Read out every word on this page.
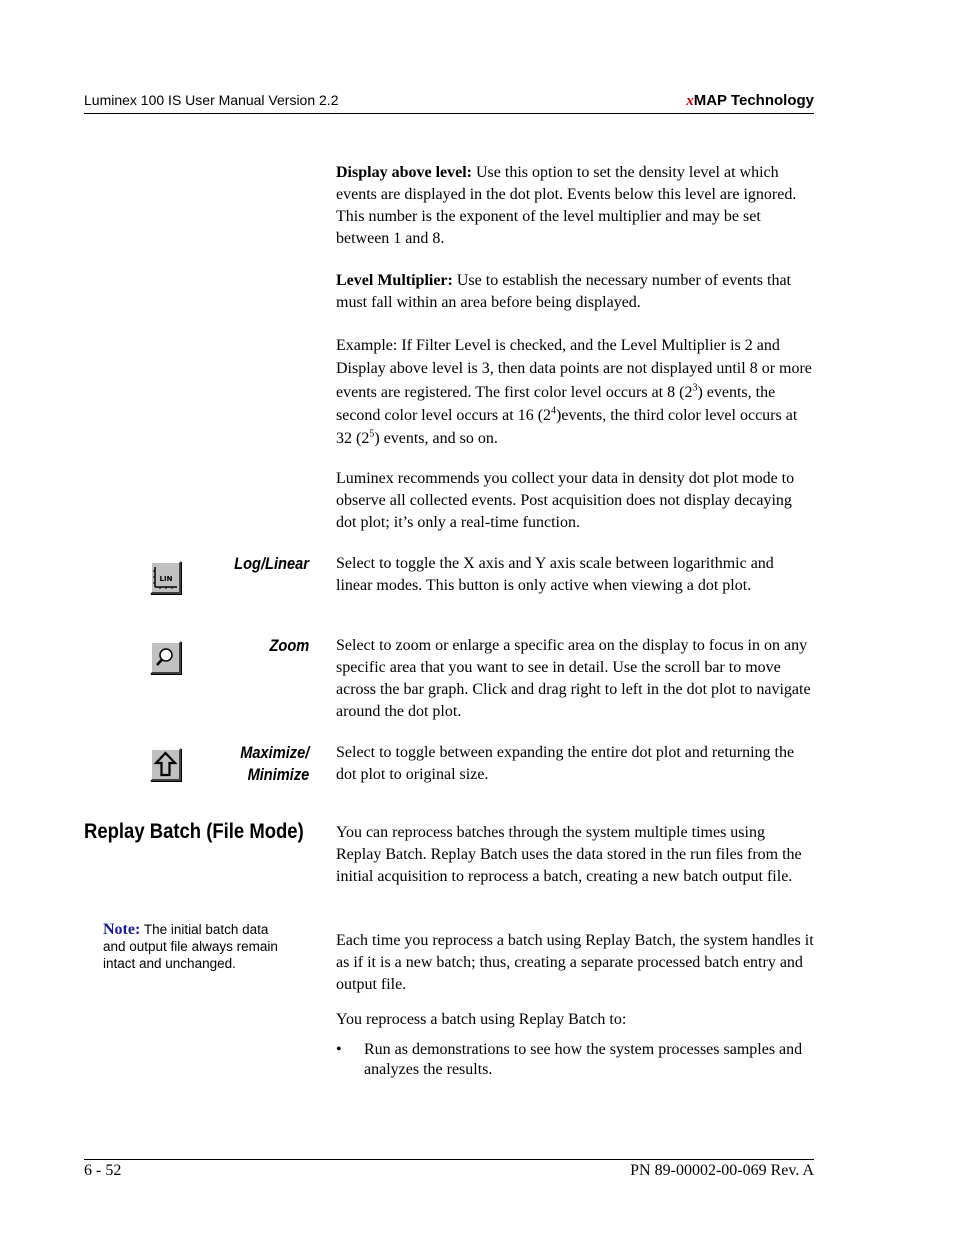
Luminex 100 IS User Manual Version 2.2	xMAP Technology

Display above level: Use this option to set the density level at which events are displayed in the dot plot. Events below this level are ignored. This number is the exponent of the level multiplier and may be set between 1 and 8.

Level Multiplier: Use to establish the necessary number of events that must fall within an area before being displayed.

Example: If Filter Level is checked, and the Level Multiplier is 2 and Display above level is 3, then data points are not displayed until 8 or more events are registered. The first color level occurs at 8 $(2^3)$ events, the second color level occurs at 16 $(2^4)events$, the third color level occurs at 32 $(2^5)$ events, and so on.

Luminex recommends you collect your data in density dot plot mode to observe all collected events. Post acquisition does not display decaying dot plot; it’s only a real-time function.

LIN
Log/Linear Select to toggle the X axis and Y axis scale between logarithmic and linear modes. This button is only active when viewing a dot plot.

Zoom Select to zoom or enlarge a specific area on the display to focus in on any specific area that you want to see in detail. Use the scroll bar to move across the bar graph. Click and drag right to left in the dot plot to navigate around the dot plot.

Maximize/
Minimize

Select to toggle between expanding the entire dot plot and returning the dot plot to original size.

Replay Batch (File Mode)
Note: The initial batch data and output file always remain intact and unchanged.

You can reprocess batches through the system multiple times using Replay Batch. Replay Batch uses the data stored in the run files from the initial acquisition to reprocess a batch, creating a new batch output file.

Each time you reprocess a batch using Replay Batch, the system handles it as if it is a new batch; thus, creating a separate processed batch entry and output file.

You reprocess a batch using Replay Batch to:

• Run as demonstrations to see how the system processes samples and analyzes the results.
6 - 52	PN 89-00002-00-069 Rev. A
